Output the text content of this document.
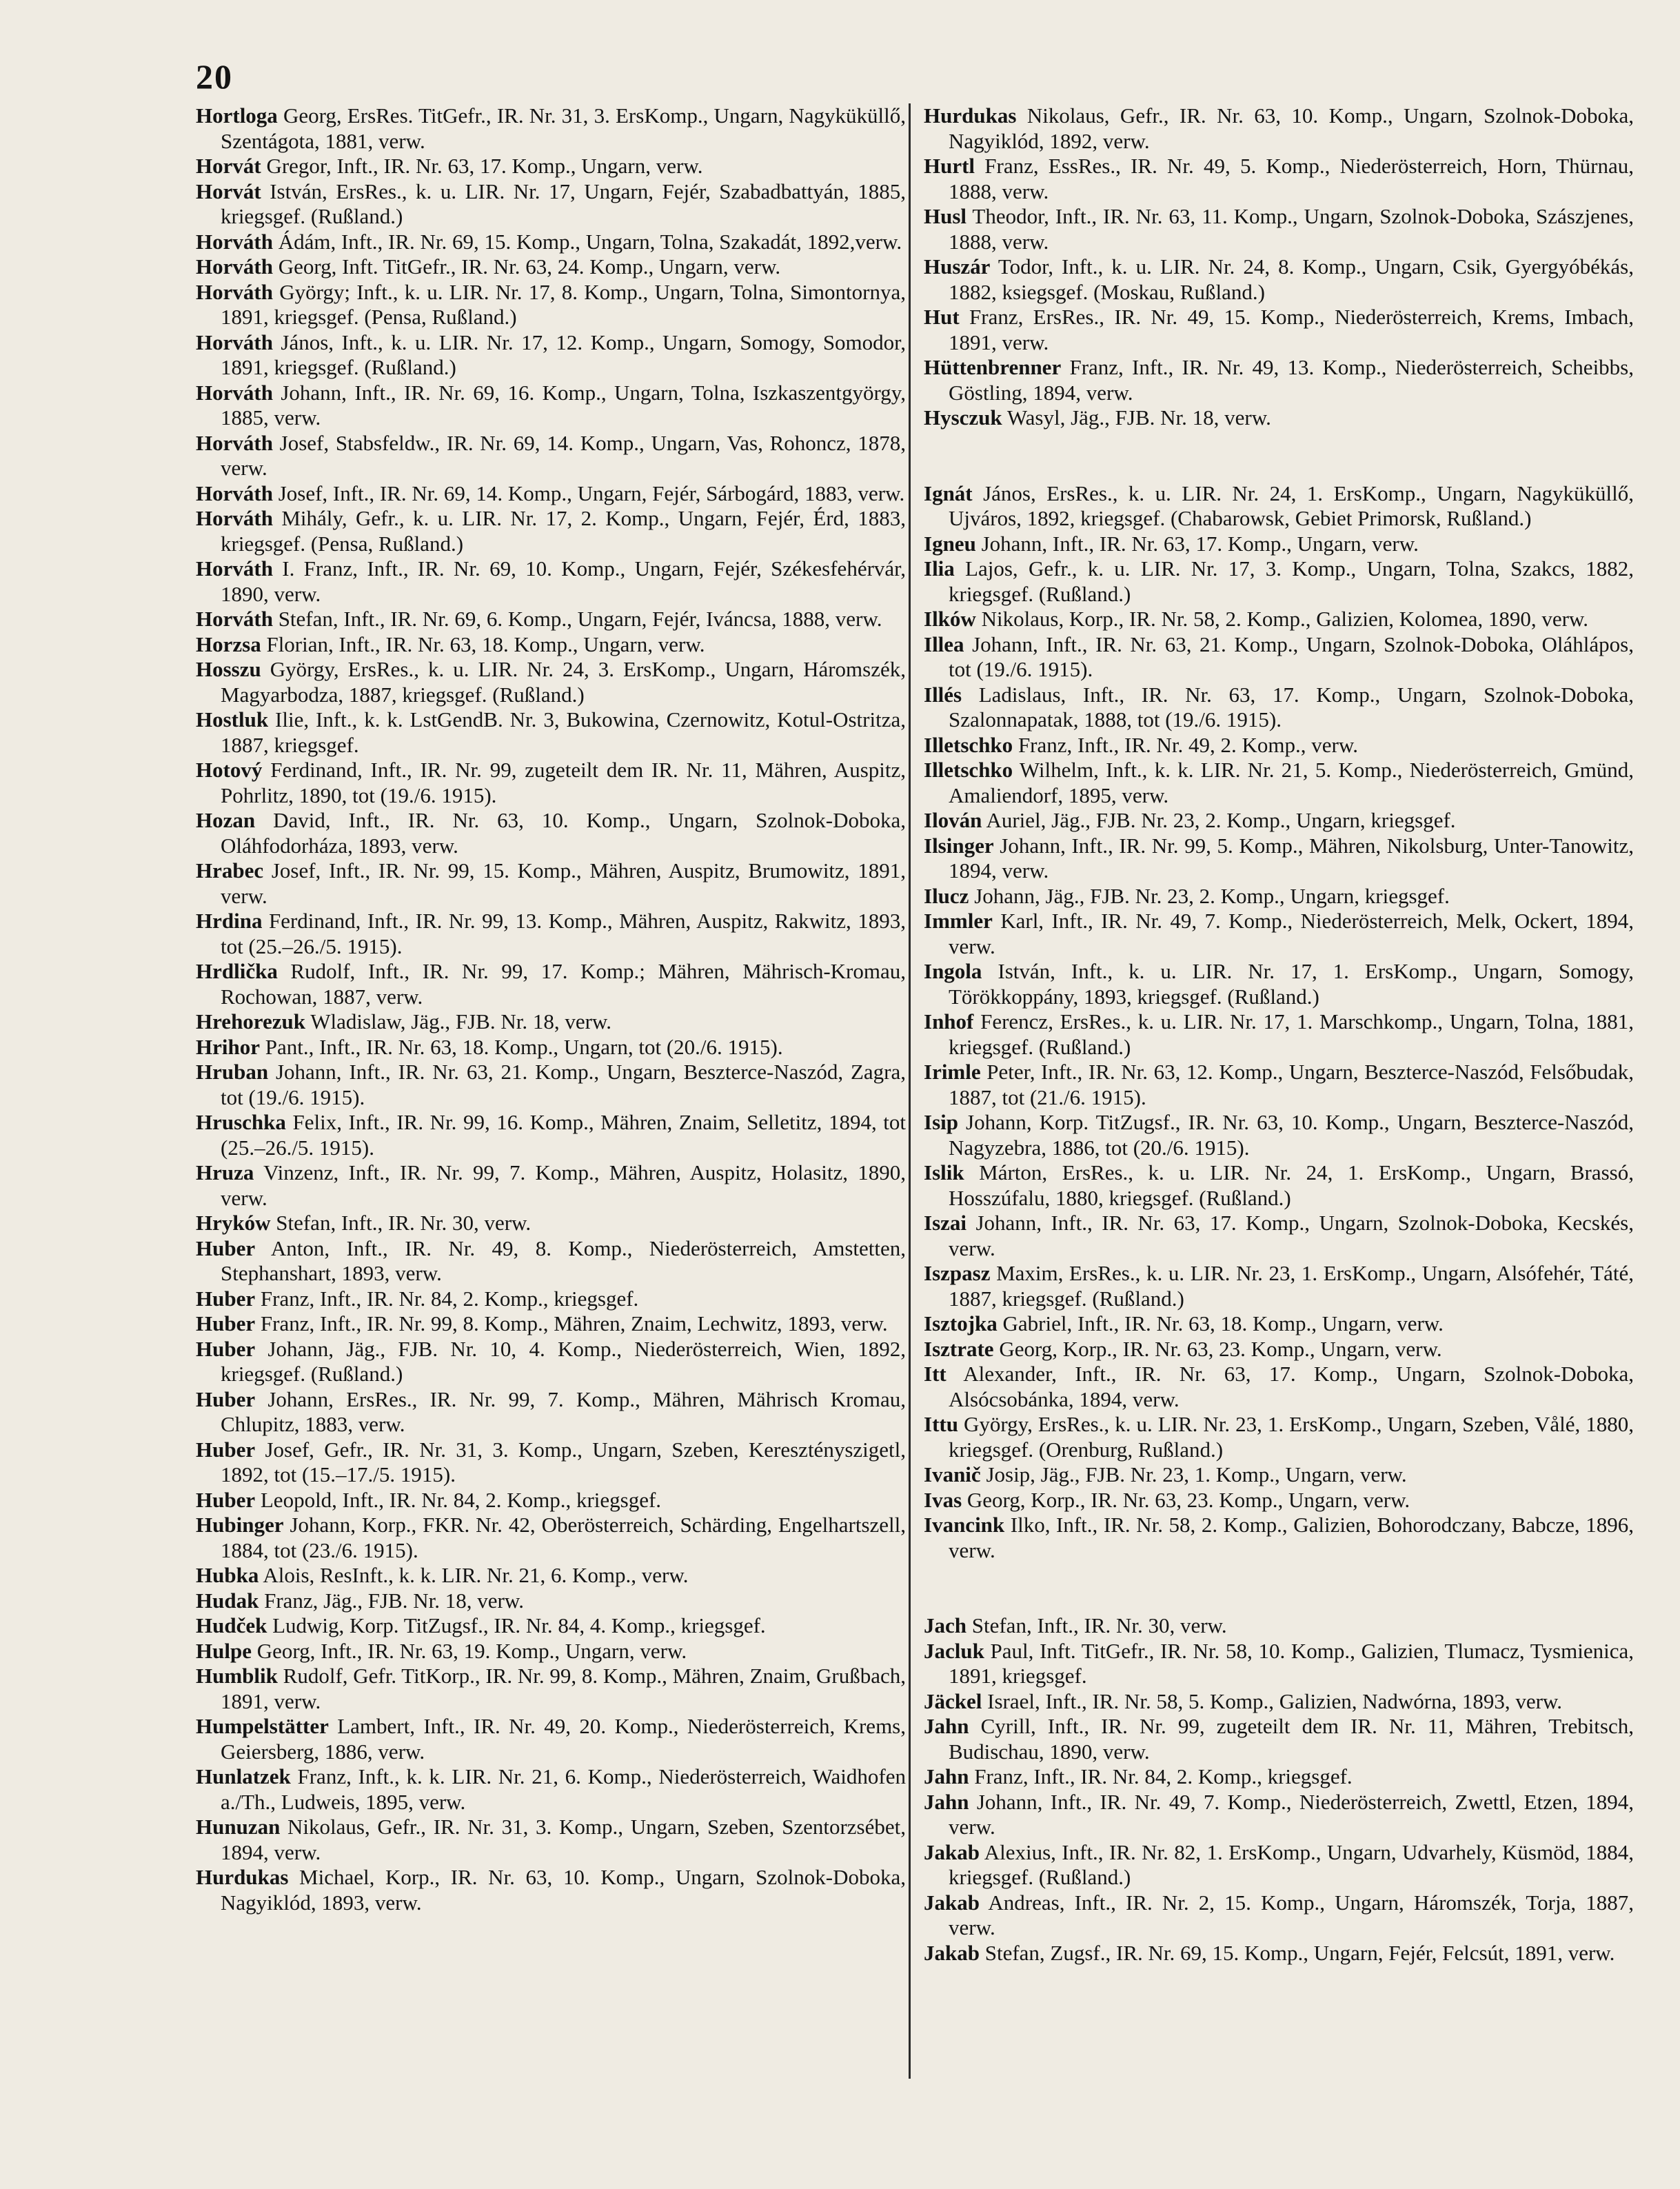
20

Hortloga Georg, ErsRes. TitGefr., IR. Nr. 31, 3. ErsKomp., Ungarn, Nagyküküllő, Szentágota, 1881, verw.

Horvát Gregor, Inft., IR. Nr. 63, 17. Komp., Ungarn, verw.

Horvát István, ErsRes., k. u. LIR. Nr. 17, Ungarn, Fejér, Szabadbattyán, 1885, kriegsgef. (Rußland.)

Horváth Ádám, Inft., IR. Nr. 69, 15. Komp., Ungarn, Tolna, Szakadát, 1892,verw.

Horváth Georg, Inft. TitGefr., IR. Nr. 63, 24. Komp., Ungarn, verw.

Horváth György; Inft., k. u. LIR. Nr. 17, 8. Komp., Ungarn, Tolna, Simontornya, 1891, kriegsgef. (Pensa, Rußland.)

Horváth János, Inft., k. u. LIR. Nr. 17, 12. Komp., Ungarn, Somogy, Somodor, 1891, kriegsgef. (Rußland.)

Horváth Johann, Inft., IR. Nr. 69, 16. Komp., Ungarn, Tolna, Iszkaszentgyörgy, 1885, verw.

Horváth Josef, Stabsfeldw., IR. Nr. 69, 14. Komp., Ungarn, Vas, Rohoncz, 1878, verw.

Horváth Josef, Inft., IR. Nr. 69, 14. Komp., Ungarn, Fejér, Sárbogárd, 1883, verw.

Horváth Mihály, Gefr., k. u. LIR. Nr. 17, 2. Komp., Ungarn, Fejér, Érd, 1883, kriegsgef. (Pensa, Rußland.)

Horváth I. Franz, Inft., IR. Nr. 69, 10. Komp., Ungarn, Fejér, Székesfehérvár, 1890, verw.

Horváth Stefan, Inft., IR. Nr. 69, 6. Komp., Ungarn, Fejér, Iváncsa, 1888, verw.

Horzsa Florian, Inft., IR. Nr. 63, 18. Komp., Ungarn, verw.

Hosszu György, ErsRes., k. u. LIR. Nr. 24, 3. ErsKomp., Ungarn, Háromszék, Magyarbodza, 1887, kriegsgef. (Rußland.)

Hostluk Ilie, Inft., k. k. LstGendB. Nr. 3, Bukowina, Czernowitz, Kotul-Ostritza, 1887, kriegsgef.

Hotový Ferdinand, Inft., IR. Nr. 99, zugeteilt dem IR. Nr. 11, Mähren, Auspitz, Pohrlitz, 1890, tot (19./6. 1915).

Hozan David, Inft., IR. Nr. 63, 10. Komp., Ungarn, Szolnok-Doboka, Oláhfodorháza, 1893, verw.

Hrabec Josef, Inft., IR. Nr. 99, 15. Komp., Mähren, Auspitz, Brumowitz, 1891, verw.

Hrdina Ferdinand, Inft., IR. Nr. 99, 13. Komp., Mähren, Auspitz, Rakwitz, 1893, tot (25.–26./5. 1915).

Hrdlička Rudolf, Inft., IR. Nr. 99, 17. Komp.; Mähren, Mährisch-Kromau, Rochowan, 1887, verw.

Hrehorezuk Wladislaw, Jäg., FJB. Nr. 18, verw.

Hrihor Pant., Inft., IR. Nr. 63, 18. Komp., Ungarn, tot (20./6. 1915).

Hruban Johann, Inft., IR. Nr. 63, 21. Komp., Ungarn, Beszterce-Naszód, Zagra, tot (19./6. 1915).

Hruschka Felix, Inft., IR. Nr. 99, 16. Komp., Mähren, Znaim, Selletitz, 1894, tot (25.–26./5. 1915).

Hruza Vinzenz, Inft., IR. Nr. 99, 7. Komp., Mähren, Auspitz, Holasitz, 1890, verw.

Hryków Stefan, Inft., IR. Nr. 30, verw.

Huber Anton, Inft., IR. Nr. 49, 8. Komp., Niederösterreich, Amstetten, Stephanshart, 1893, verw.

Huber Franz, Inft., IR. Nr. 84, 2. Komp., kriegsgef.

Huber Franz, Inft., IR. Nr. 99, 8. Komp., Mähren, Znaim, Lechwitz, 1893, verw.

Huber Johann, Jäg., FJB. Nr. 10, 4. Komp., Niederösterreich, Wien, 1892, kriegsgef. (Rußland.)

Huber Johann, ErsRes., IR. Nr. 99, 7. Komp., Mähren, Mährisch Kromau, Chlupitz, 1883, verw.

Huber Josef, Gefr., IR. Nr. 31, 3. Komp., Ungarn, Szeben, Keresztényszigetl, 1892, tot (15.–17./5. 1915).

Huber Leopold, Inft., IR. Nr. 84, 2. Komp., kriegsgef.

Hubinger Johann, Korp., FKR. Nr. 42, Oberösterreich, Schärding, Engelhartszell, 1884, tot (23./6. 1915).

Hubka Alois, ResInft., k. k. LIR. Nr. 21, 6. Komp., verw.

Hudak Franz, Jäg., FJB. Nr. 18, verw.

Hudček Ludwig, Korp. TitZugsf., IR. Nr. 84, 4. Komp., kriegsgef.

Hulpe Georg, Inft., IR. Nr. 63, 19. Komp., Ungarn, verw.

Humblik Rudolf, Gefr. TitKorp., IR. Nr. 99, 8. Komp., Mähren, Znaim, Grußbach, 1891, verw.

Humpelstätter Lambert, Inft., IR. Nr. 49, 20. Komp., Niederösterreich, Krems, Geiersberg, 1886, verw.

Hunlatzek Franz, Inft., k. k. LIR. Nr. 21, 6. Komp., Niederösterreich, Waidhofen a./Th., Ludweis, 1895, verw.

Hunuzan Nikolaus, Gefr., IR. Nr. 31, 3. Komp., Ungarn, Szeben, Szentorzsébet, 1894, verw.

Hurdukas Michael, Korp., IR. Nr. 63, 10. Komp., Ungarn, Szolnok-Doboka, Nagyiklód, 1893, verw.

Hurdukas Nikolaus, Gefr., IR. Nr. 63, 10. Komp., Ungarn, Szolnok-Doboka, Nagyiklód, 1892, verw.

Hurtl Franz, EssRes., IR. Nr. 49, 5. Komp., Niederösterreich, Horn, Thürnau, 1888, verw.

Husl Theodor, Inft., IR. Nr. 63, 11. Komp., Ungarn, Szolnok-Doboka, Szászjenes, 1888, verw.

Huszár Todor, Inft., k. u. LIR. Nr. 24, 8. Komp., Ungarn, Csik, Gyergyóbékás, 1882, ksiegsgef. (Moskau, Rußland.)

Hut Franz, ErsRes., IR. Nr. 49, 15. Komp., Niederösterreich, Krems, Imbach, 1891, verw.

Hüttenbrenner Franz, Inft., IR. Nr. 49, 13. Komp., Niederösterreich, Scheibbs, Göstling, 1894, verw.

Hysczuk Wasyl, Jäg., FJB. Nr. 18, verw.

Ignát János, ErsRes., k. u. LIR. Nr. 24, 1. ErsKomp., Ungarn, Nagyküküllő, Ujváros, 1892, kriegsgef. (Chabarowsk, Gebiet Primorsk, Rußland.)

Igneu Johann, Inft., IR. Nr. 63, 17. Komp., Ungarn, verw.

Ilia Lajos, Gefr., k. u. LIR. Nr. 17, 3. Komp., Ungarn, Tolna, Szakcs, 1882, kriegsgef. (Rußland.)

Ilków Nikolaus, Korp., IR. Nr. 58, 2. Komp., Galizien, Kolomea, 1890, verw.

Illea Johann, Inft., IR. Nr. 63, 21. Komp., Ungarn, Szolnok-Doboka, Oláhlápos, tot (19./6. 1915).

Illés Ladislaus, Inft., IR. Nr. 63, 17. Komp., Ungarn, Szolnok-Doboka, Szalonnapatak, 1888, tot (19./6. 1915).

Illetschko Franz, Inft., IR. Nr. 49, 2. Komp., verw.

Illetschko Wilhelm, Inft., k. k. LIR. Nr. 21, 5. Komp., Niederösterreich, Gmünd, Amaliendorf, 1895, verw.

Ilován Auriel, Jäg., FJB. Nr. 23, 2. Komp., Ungarn, kriegsgef.

Ilsinger Johann, Inft., IR. Nr. 99, 5. Komp., Mähren, Nikolsburg, Unter-Tanowitz, 1894, verw.

Ilucz Johann, Jäg., FJB. Nr. 23, 2. Komp., Ungarn, kriegsgef.

Immler Karl, Inft., IR. Nr. 49, 7. Komp., Niederösterreich, Melk, Ockert, 1894, verw.

Ingola István, Inft., k. u. LIR. Nr. 17, 1. ErsKomp., Ungarn, Somogy, Törökkoppány, 1893, kriegsgef. (Rußland.)

Inhof Ferencz, ErsRes., k. u. LIR. Nr. 17, 1. Marschkomp., Ungarn, Tolna, 1881, kriegsgef. (Rußland.)

Irimle Peter, Inft., IR. Nr. 63, 12. Komp., Ungarn, Beszterce-Naszód, Felsőbudak, 1887, tot (21./6. 1915).

Isip Johann, Korp. TitZugsf., IR. Nr. 63, 10. Komp., Ungarn, Beszterce-Naszód, Nagyzebra, 1886, tot (20./6. 1915).

Islik Márton, ErsRes., k. u. LIR. Nr. 24, 1. ErsKomp., Ungarn, Brassó, Hosszúfalu, 1880, kriegsgef. (Rußland.)

Iszai Johann, Inft., IR. Nr. 63, 17. Komp., Ungarn, Szolnok-Doboka, Kecskés, verw.

Iszpasz Maxim, ErsRes., k. u. LIR. Nr. 23, 1. ErsKomp., Ungarn, Alsófehér, Táté, 1887, kriegsgef. (Rußland.)

Isztojka Gabriel, Inft., IR. Nr. 63, 18. Komp., Ungarn, verw.

Isztrate Georg, Korp., IR. Nr. 63, 23. Komp., Ungarn, verw.

Itt Alexander, Inft., IR. Nr. 63, 17. Komp., Ungarn, Szolnok-Doboka, Alsócsobánka, 1894, verw.

Ittu György, ErsRes., k. u. LIR. Nr. 23, 1. ErsKomp., Ungarn, Szeben, Vålé, 1880, kriegsgef. (Orenburg, Rußland.)

Ivanič Josip, Jäg., FJB. Nr. 23, 1. Komp., Ungarn, verw.

Ivas Georg, Korp., IR. Nr. 63, 23. Komp., Ungarn, verw.

Ivancink Ilko, Inft., IR. Nr. 58, 2. Komp., Galizien, Bohorodczany, Babcze, 1896, verw.

Jach Stefan, Inft., IR. Nr. 30, verw.

Jacluk Paul, Inft. TitGefr., IR. Nr. 58, 10. Komp., Galizien, Tlumacz, Tysmienica, 1891, kriegsgef.

Jäckel Israel, Inft., IR. Nr. 58, 5. Komp., Galizien, Nadwórna, 1893, verw.

Jahn Cyrill, Inft., IR. Nr. 99, zugeteilt dem IR. Nr. 11, Mähren, Trebitsch, Budischau, 1890, verw.

Jahn Franz, Inft., IR. Nr. 84, 2. Komp., kriegsgef.

Jahn Johann, Inft., IR. Nr. 49, 7. Komp., Niederösterreich, Zwettl, Etzen, 1894, verw.

Jakab Alexius, Inft., IR. Nr. 82, 1. ErsKomp., Ungarn, Udvarhely, Küsmöd, 1884, kriegsgef. (Rußland.)

Jakab Andreas, Inft., IR. Nr. 2, 15. Komp., Ungarn, Háromszék, Torja, 1887, verw.

Jakab Stefan, Zugsf., IR. Nr. 69, 15. Komp., Ungarn, Fejér, Felcsút, 1891, verw.
